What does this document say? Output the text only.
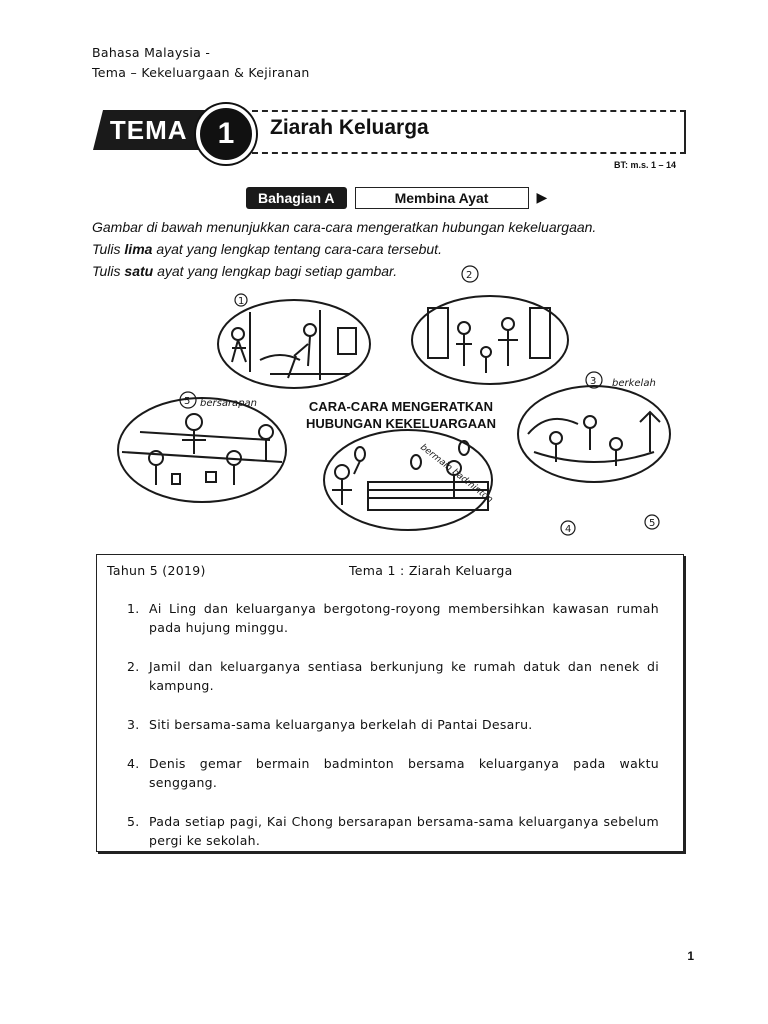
Bahasa Malaysia -
Tema – Kekeluargaan & Kejiranan
TEMA 1	Ziarah Keluarga
BT: m.s. 1 – 14
Bahagian A	Membina Ayat	▶
Gambar di bawah menunjukkan cara-cara mengeratkan hubungan kekeluargaan.
Tulis lima ayat yang lengkap tentang cara-cara tersebut.
Tulis satu ayat yang lengkap bagi setiap gambar.
1
2
5 bersarapan
bermain badminton
3 berkelah
4
5
CARA-CARA MENGERATKAN
HUBUNGAN KEKELUARGAAN
Tahun 5 (2019)	Tema 1 : Ziarah Keluarga
1. Ai Ling dan keluarganya bergotong-royong membersihkan kawasan rumah pada hujung minggu.
2. Jamil dan keluarganya sentiasa berkunjung ke rumah datuk dan nenek di kampung.
3. Siti bersama-sama keluarganya berkelah di Pantai Desaru.
4. Denis gemar bermain badminton bersama keluarganya pada waktu senggang.
5. Pada setiap pagi, Kai Chong bersarapan bersama-sama keluarganya sebelum pergi ke sekolah.
1
